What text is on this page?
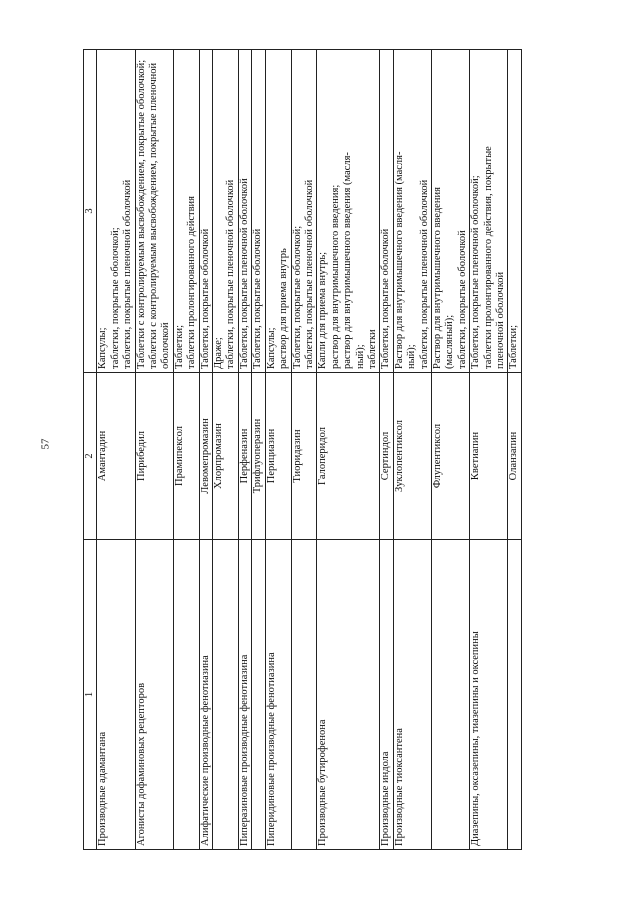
57
1	2	3
Производные адамантана	Амантадин	Капсулы; таблетки, покрытые оболочкой; таблетки, покрытые пленочной оболочкой

Агонисты дофаминовых рецепторов	Пирибедил	Таблетки с контролируемым высвобождением, покрытые оболочкой; таблетки с контролируемым высвобождением, покрытые пленочной оболочкой

	Прамипексол	Таблетки; таблетки пролонгированного действия

Алифатические производные фенотиазина	Левомепромазин	Таблетки, покрытые оболочкой

	Хлорпромазин	Драже; таблетки, покрытые пленочной оболочкой

Пиперазиновые производные фенотиазина	Перфеназин	Таблетки, покрытые пленочной оболочкой

	Трифлуоперазин	Таблетки, покрытые оболочкой

Пиперидиновые производные фенотиазина	Перициазин	Капсулы; раствор для приема внутрь

	Тиоридазин	Таблетки, покрытые оболочкой; таблетки, покрытые пленочной оболочкой

Производные бутирофенона	Галоперидол	Капли для приема внутрь; раствор для внутримышечного введения; раствор для внутримышечного введения (масля- ный); таблетки

Производные индола	Сертиндол	Таблетки, покрытые оболочкой

Производные тиоксантена	Зуклопентиксол	Раствор для внутримышечного введения (масля- ный); таблетки, покрытые пленочной оболочкой

	Флупентиксол	Раствор для внутримышечного введения (масляный); таблетки, покрытые оболочкой

Диазепины, оксазепины, тиазепины и оксепины	Кветиапин	Таблетки, покрытые пленочной оболочкой; таблетки пролонгированного действия, покрытые пленочной оболочкой

	Оланзапин	Таблетки;
